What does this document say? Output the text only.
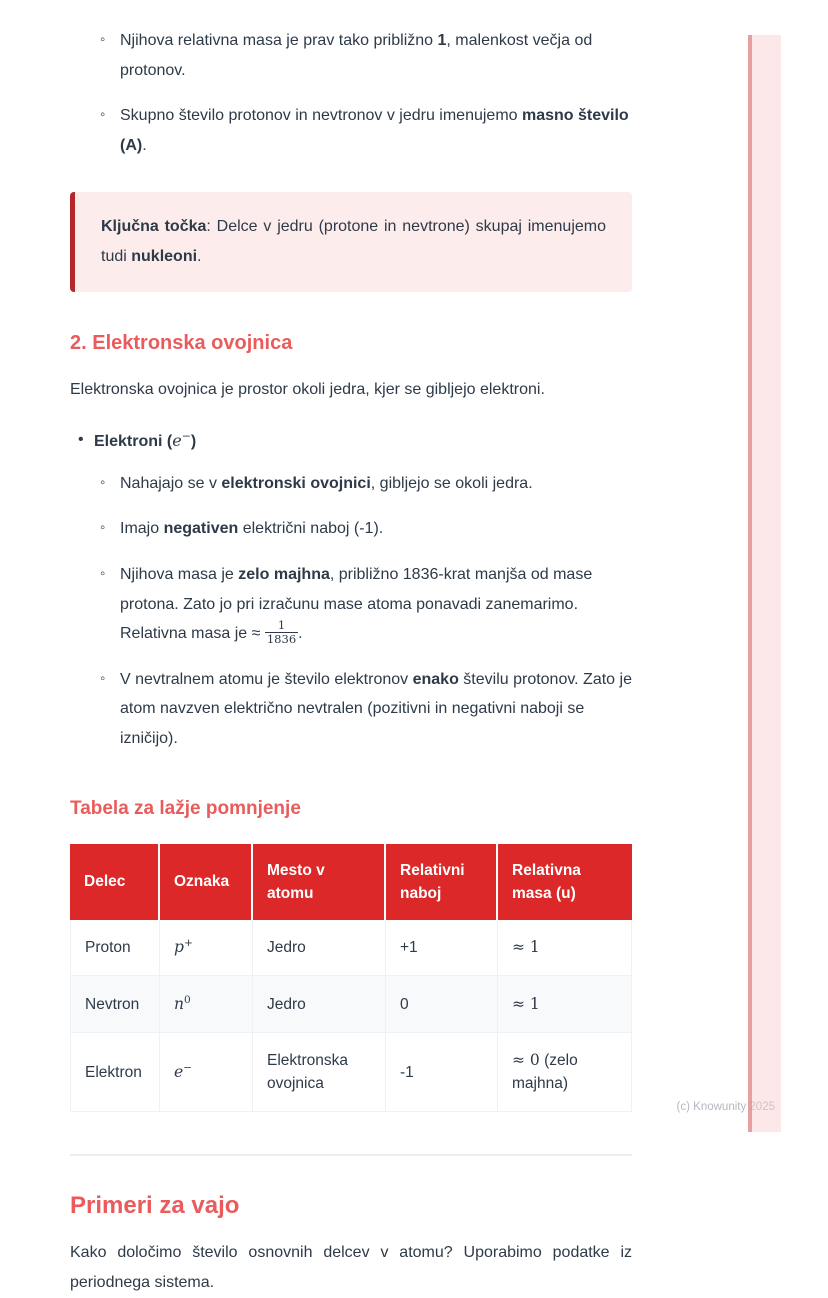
◦ Njihova relativna masa je prav tako približno 1, malenkost večja od protonov.
◦ Skupno število protonov in nevtronov v jedru imenujemo masno število (A).

Ključna točka: Delce v jedru (protone in nevtrone) skupaj imenujemo tudi nukleoni.

2. Elektronska ovojnica

Elektronska ovojnica je prostor okoli jedra, kjer se gibljejo elektroni.

• Elektroni (e−)
◦ Nahajajo se v elektronski ovojnici, gibljejo se okoli jedra.
◦ Imajo negativen električni naboj (-1).
◦ Njihova masa je zelo majhna, približno 1836-krat manjša od mase protona. Zato jo pri izračunu mase atoma ponavadi zanemarimo. Relativna masa je ≈ $\frac{1}{1836}$ .
◦ V nevtralnem atomu je število elektronov enako številu protonov. Zato je atom navzven električno nevtralen (pozitivni in negativni naboji se izničijo).
Tabela za lažje pomnjenje
Delec	Oznaka	Mesto v atomu	Relativni naboj	Relativna masa (u)
Proton	p+	Jedro	+1	≈ 1
Nevtron	$n^0$	Jedro	0	≈ 1
Elektron	e−	Elektronska ovojnica	-1	≈ 0 (zelo majhna)
Primeri za vajo

Kako določimo število osnovnih delcev v atomu? Uporabimo podatke iz periodnega sistema.

(c) Knowunity 2025
